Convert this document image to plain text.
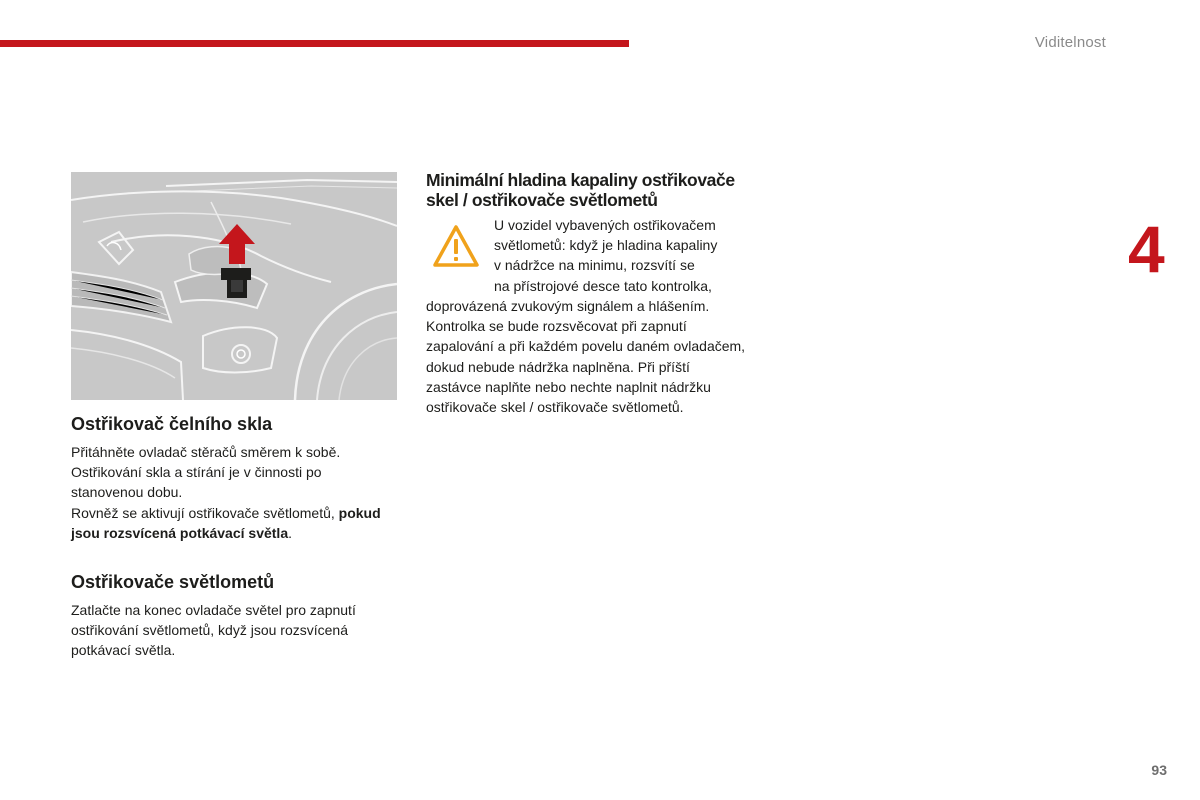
Viditelnost
4
Ostřikovač čelního skla

Přitáhněte ovladač stěračů směrem k sobě. Ostřikování skla a stírání je v činnosti po stanovenou dobu.
Rovněž se aktivují ostřikovače světlometů, pokud jsou rozsvícená potkávací světla.

Ostřikovače světlometů

Zatlačte na konec ovladače světel pro zapnutí ostřikování světlometů, když jsou rozsvícená potkávací světla.

Minimální hladina kapaliny ostřikovače
skel / ostřikovače světlometů

U vozidel vybavených ostřikovačem
světlometů: když je hladina kapaliny
v nádržce na minimu, rozsvítí se
na přístrojové desce tato kontrolka,

doprovázená zvukovým signálem a hlášením. Kontrolka se bude rozsvěcovat při zapnutí zapalování a při každém povelu daném ovladačem, dokud nebude nádržka naplněna. Při příští zastávce naplňte nebo nechte naplnit nádržku ostřikovače skel / ostřikovače světlometů.

93
